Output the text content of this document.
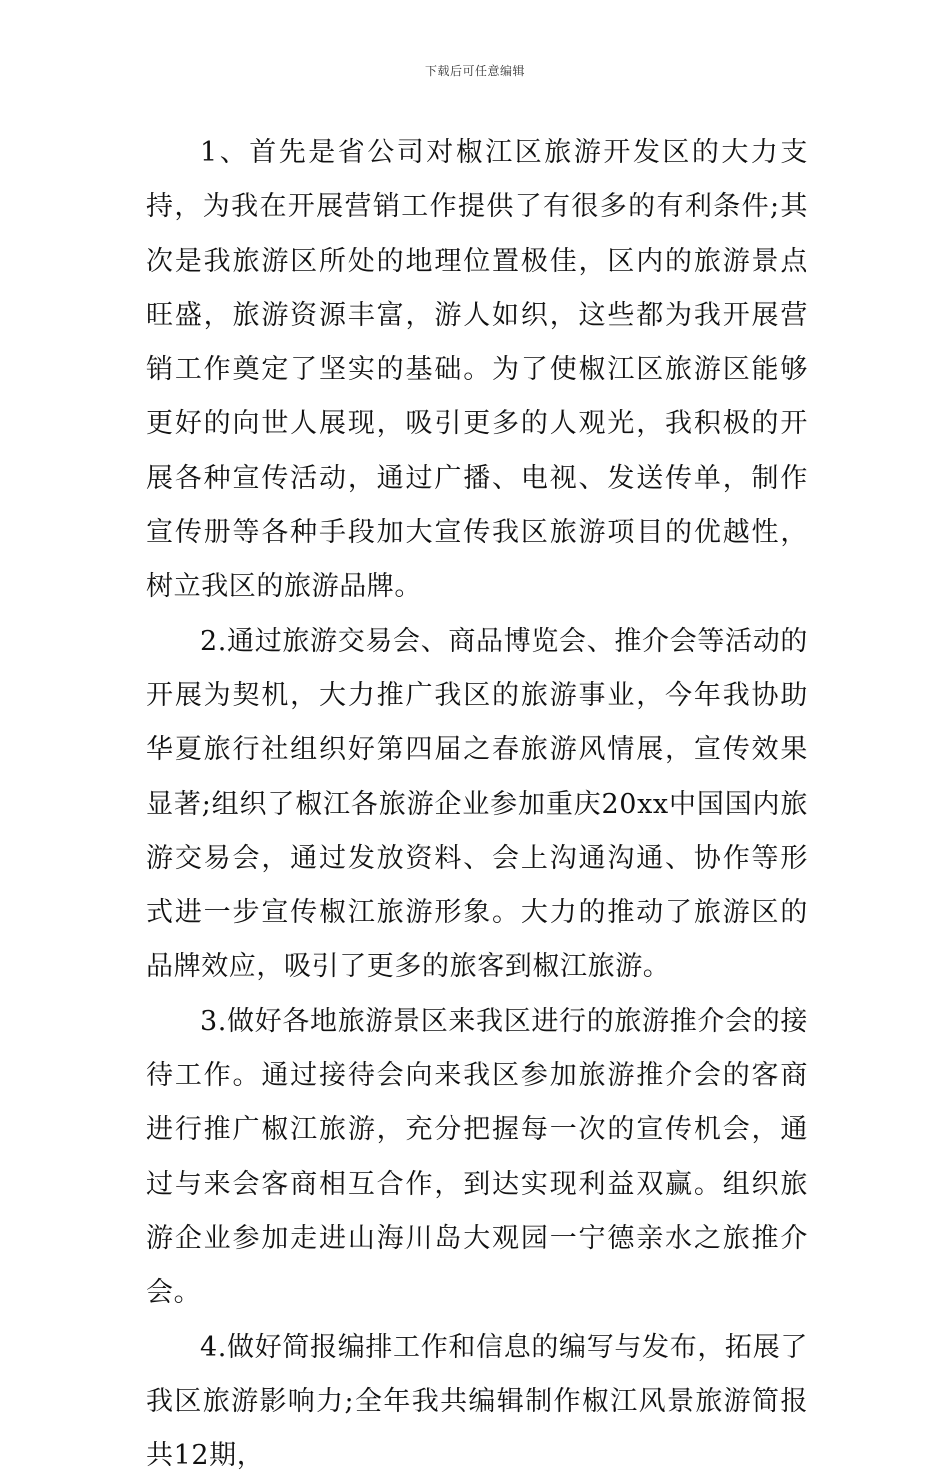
下载后可任意编辑

1、首先是省公司对椒江区旅游开发区的大力支持，为我在开展营销工作提供了有很多的有利条件;其次是我旅游区所处的地理位置极佳，区内的旅游景点旺盛，旅游资源丰富，游人如织，这些都为我开展营销工作奠定了坚实的基础。为了使椒江区旅游区能够更好的向世人展现，吸引更多的人观光，我积极的开展各种宣传活动，通过广播、电视、发送传单，制作宣传册等各种手段加大宣传我区旅游项目的优越性，树立我区的旅游品牌。

2.通过旅游交易会、商品博览会、推介会等活动的开展为契机，大力推广我区的旅游事业，今年我协助华夏旅行社组织好第四届之春旅游风情展，宣传效果显著;组织了椒江各旅游企业参加重庆20xx中国国内旅游交易会，通过发放资料、会上沟通沟通、协作等形式进一步宣传椒江旅游形象。大力的推动了旅游区的品牌效应，吸引了更多的旅客到椒江旅游。

3.做好各地旅游景区来我区进行的旅游推介会的接待工作。通过接待会向来我区参加旅游推介会的客商进行推广椒江旅游，充分把握每一次的宣传机会，通过与来会客商相互合作，到达实现利益双赢。组织旅游企业参加走进山海川岛大观园一宁德亲水之旅推介会。

4.做好简报编排工作和信息的编写与发布，拓展了我区旅游影响力;全年我共编辑制作椒江风景旅游简报共12期，
